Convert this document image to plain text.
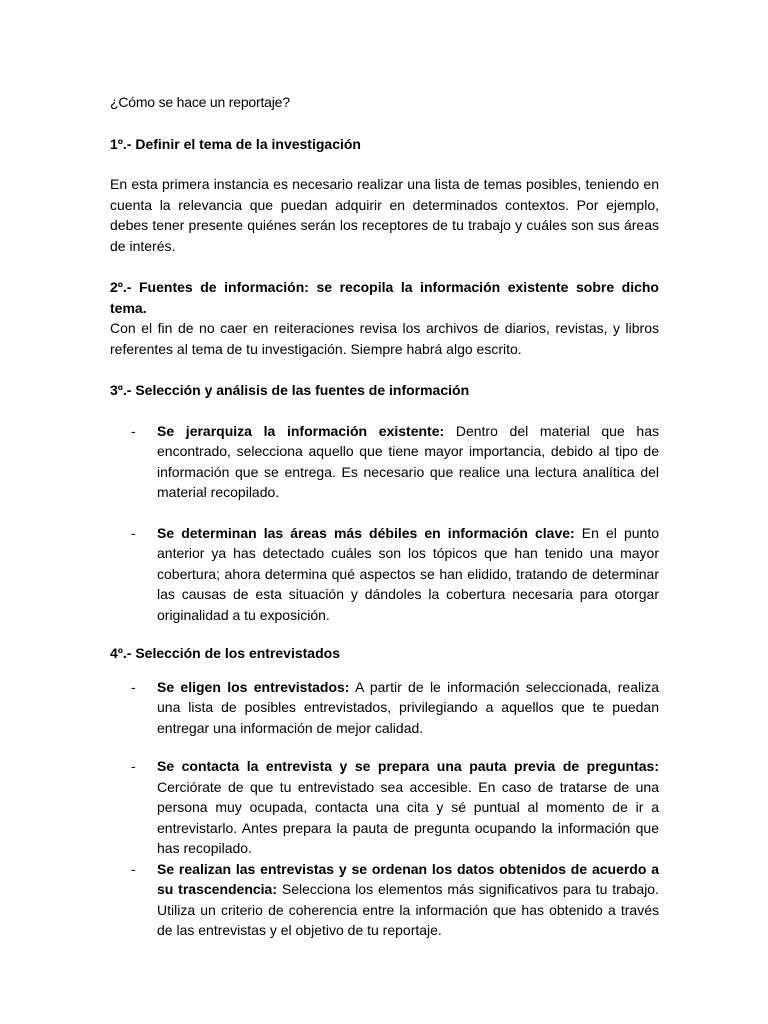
¿Cómo se hace un reportaje?
1º.- Definir el tema de la investigación
En esta primera instancia es necesario realizar una lista de temas posibles, teniendo en cuenta la relevancia que puedan adquirir en determinados contextos. Por ejemplo, debes tener presente quiénes serán los receptores de tu trabajo y cuáles son sus áreas de interés.
2º.- Fuentes de información: se recopila la información existente sobre dicho tema.
Con el fin de no caer en reiteraciones revisa los archivos de diarios, revistas, y libros referentes al tema de tu investigación. Siempre habrá algo escrito.
3º.- Selección y análisis de las fuentes de información
- Se jerarquiza la información existente: Dentro del material que has encontrado, selecciona aquello que tiene mayor importancia, debido al tipo de información que se entrega. Es necesario que realice una lectura analítica del material recopilado.
- Se determinan las áreas más débiles en información clave: En el punto anterior ya has detectado cuáles son los tópicos que han tenido una mayor cobertura; ahora determina qué aspectos se han elidido, tratando de determinar las causas de esta situación y dándoles la cobertura necesaria para otorgar originalidad a tu exposición.
4º.- Selección de los entrevistados
- Se eligen los entrevistados: A partir de le información seleccionada, realiza una lista de posibles entrevistados, privilegiando a aquellos que te puedan entregar una información de mejor calidad.
- Se contacta la entrevista y se prepara una pauta previa de preguntas: Cerciórate de que tu entrevistado sea accesible. En caso de tratarse de una persona muy ocupada, contacta una cita y sé puntual al momento de ir a entrevistarlo. Antes prepara la pauta de pregunta ocupando la información que has recopilado.
- Se realizan las entrevistas y se ordenan los datos obtenidos de acuerdo a su trascendencia: Selecciona los elementos más significativos para tu trabajo. Utiliza un criterio de coherencia entre la información que has obtenido a través de las entrevistas y el objetivo de tu reportaje.
